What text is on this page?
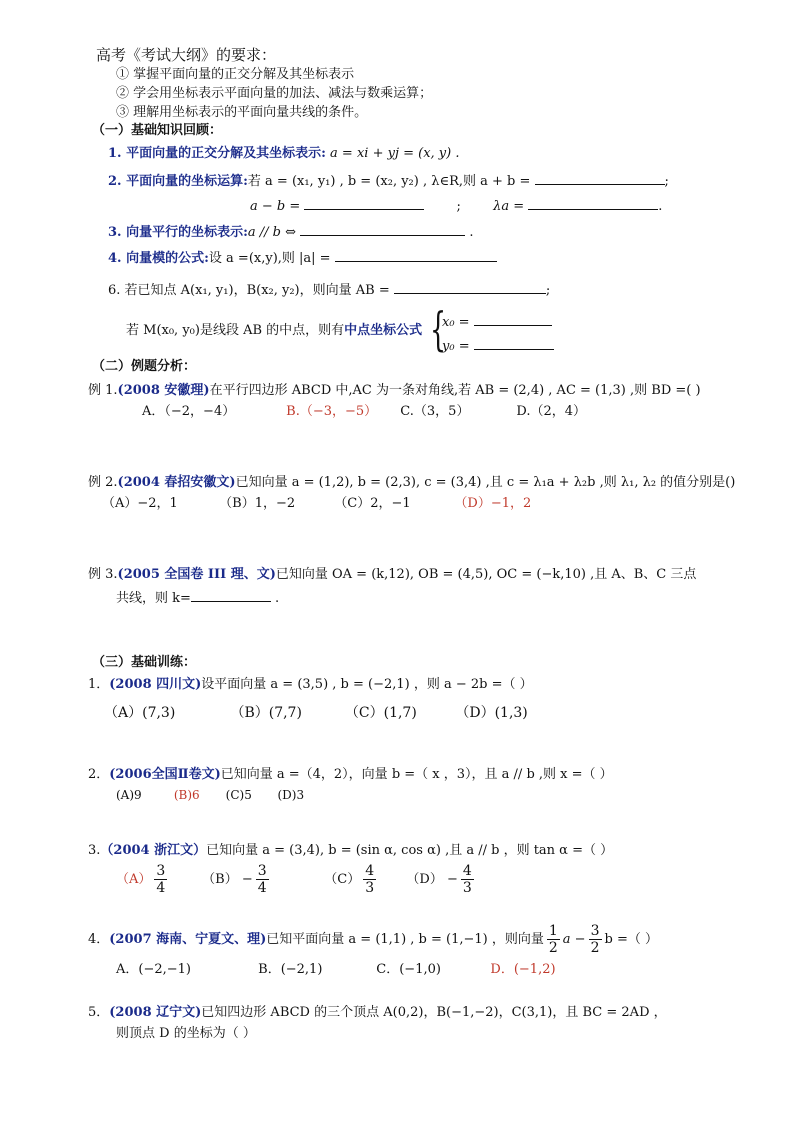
高考《考试大纲》的要求：
① 掌握平面向量的正交分解及其坐标表示
② 学会用坐标表示平面向量的加法、减法与数乘运算；
③ 理解用坐标表示的平面向量共线的条件。
（一）基础知识回顾：
1. 平面向量的正交分解及其坐标表示: a = xi + yj = (x, y) .
2. 平面向量的坐标运算:若 a = (x₁, y₁) , b = (x₂, y₂) , λ∈R,则 a + b =	;
a − b =	; λa =	.
3. 向量平行的坐标表示:a // b ⇔	.
4. 向量模的公式:设 a =(x,y),则 |a| =
6. 若已知点 A(x₁, y₁)，B(x₂, y₂)，则向量 AB =	;
若 M(x₀, y₀)是线段 AB 的中点，则有中点坐标公式 {
x₀ =
y₀ =
（二）例题分析：
例 1.(2008 安徽理)在平行四边形 ABCD 中,AC 为一条对角线,若 AB = (2,4) , AC = (1,3) ,则 BD =( )
A．（−2，−4）	B.（−3，−5） C.（3，5）	D.（2，4）
例 2.(2004 春招安徽文)已知向量 a = (1,2), b = (2,3), c = (3,4) ,且 c = λ₁a + λ₂b ,则 λ₁, λ₂ 的值分别是()
（A）−2，1	（B）1，−2	（C）2，−1	（D）−1，2
例 3.(2005 全国卷 III 理、文)已知向量 OA = (k,12), OB = (4,5), OC = (−k,10) ,且 A、B、C 三点
共线，则 k=	.
（三）基础训练：
1．(2008 四川文)设平面向量 a = (3,5) , b = (−2,1) ，则 a − 2b =（ ）
（A）(7,3)	（B）(7,7)	（C）(1,7)	（D）(1,3)
2．(2006全国Ⅱ卷文)已知向量 a =（4，2），向量 b =（ x ，3），且 a // b ,则 x =（ ）
(A)9	(B)6 (C)5 (D)3
3.（2004 浙江文）已知向量 a = (3,4), b = (sin α, cos α) ,且 a // b ，则 tan α =（ ）
$(A) \frac{3}{4}$	$(B) - \frac{3}{4}$	$(C) \frac{4}{3} (D) - \frac{4}{3}$
4．(2007 海南、宁夏文、理)已知平面向量 a = (1,1) , b = (1,−1) ，则向量 $\frac{1}{2}$ $a - \frac{3}{2}$ b =（ ）
A．(−2,−1)	B．(−2,1)	C．(−1,0)	D．(−1,2)
5．(2008 辽宁文)已知四边形 ABCD 的三个顶点 A(0,2)，B(−1,−2)，C(3,1)，且 BC = 2AD ，
则顶点 D 的坐标为（ ）
